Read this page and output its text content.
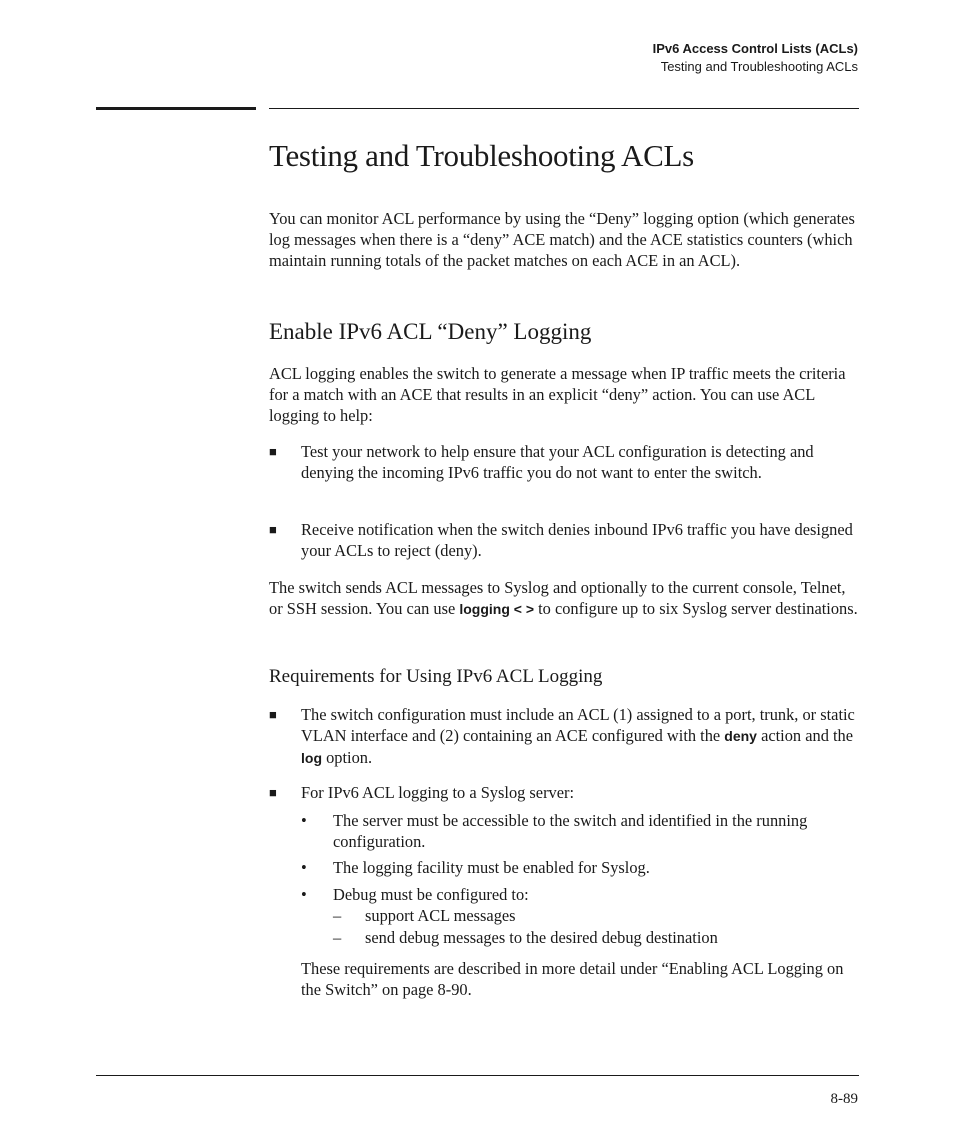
IPv6 Access Control Lists (ACLs)
Testing and Troubleshooting ACLs
Testing and Troubleshooting ACLs
You can monitor ACL performance by using the “Deny” logging option (which generates log messages when there is a “deny” ACE match) and the ACE statistics counters (which maintain running totals of the packet matches on each ACE in an ACL).
Enable IPv6 ACL “Deny” Logging
ACL logging enables the switch to generate a message when IP traffic meets the criteria for a match with an ACE that results in an explicit “deny” action. You can use ACL logging to help:
■ Test your network to help ensure that your ACL configuration is detecting and denying the incoming IPv6 traffic you do not want to enter the switch.
■ Receive notification when the switch denies inbound IPv6 traffic you have designed your ACLs to reject (deny).
The switch sends ACL messages to Syslog and optionally to the current console, Telnet, or SSH session. You can use logging < > to configure up to six Syslog server destinations.
Requirements for Using IPv6 ACL Logging
■ The switch configuration must include an ACL (1) assigned to a port, trunk, or static VLAN interface and (2) containing an ACE configured with the deny action and the log option.
■ For IPv6 ACL logging to a Syslog server:
• The server must be accessible to the switch and identified in the running configuration.
• The logging facility must be enabled for Syslog.
• Debug must be configured to:
– support ACL messages
– send debug messages to the desired debug destination
These requirements are described in more detail under “Enabling ACL Logging on the Switch” on page 8-90.
8-89
